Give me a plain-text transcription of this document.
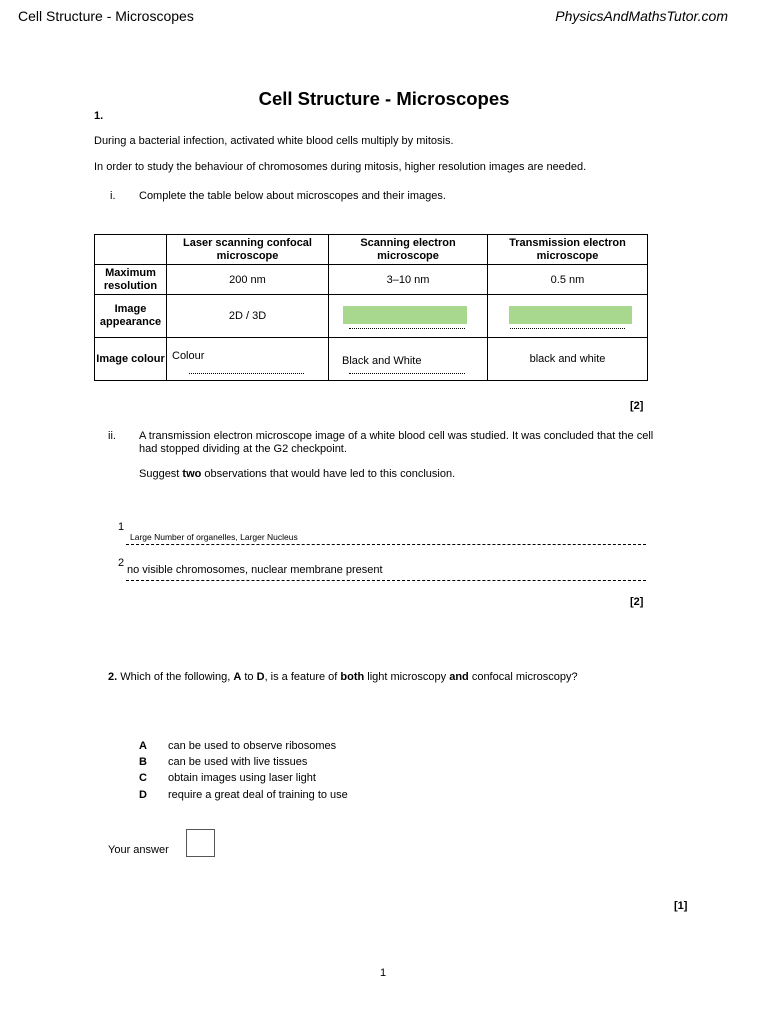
Cell Structure - Microscopes	PhysicsAndMathsTutor.com
Cell Structure - Microscopes
1.
During a bacterial infection, activated white blood cells multiply by mitosis.
In order to study the behaviour of chromosomes during mitosis, higher resolution images are needed.
i. Complete the table below about microscopes and their images.
	Laser scanning confocal microscope	Scanning electron microscope	Transmission electron microscope
Maximum resolution	200 nm	3–10 nm	0.5 nm
Image appearance	2D / 3D	

Image colour	Colour	Black and White	black and white
[2]
ii. A transmission electron microscope image of a white blood cell was studied. It was concluded that the cell had stopped dividing at the G2 checkpoint.
Suggest two observations that would have led to this conclusion.
1
Large Number of organelles, Larger Nucleus
2
no visible chromosomes, nuclear membrane present
[2]
2. Which of the following, A to D, is a feature of both light microscopy and confocal microscopy?
A can be used to observe ribosomes
B can be used with live tissues
C obtain images using laser light
D require a great deal of training to use
Your answer
[1]
1
